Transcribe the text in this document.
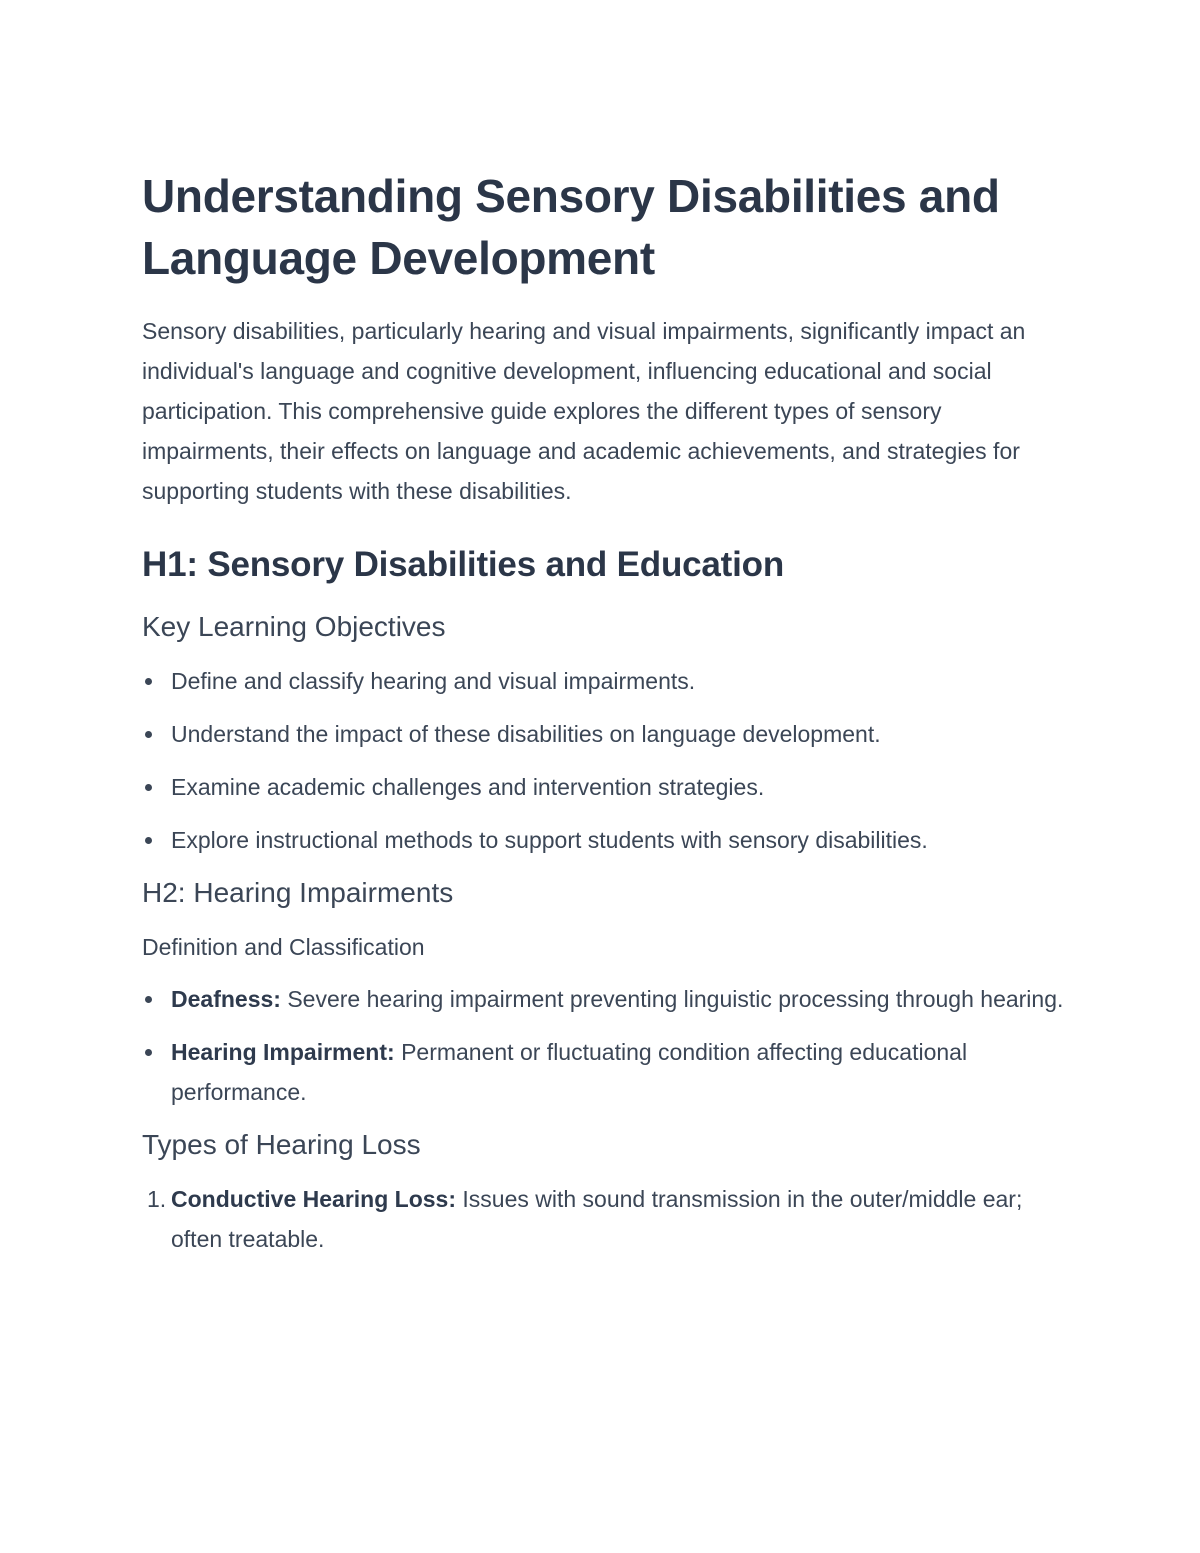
Understanding Sensory Disabilities and Language Development

Sensory disabilities, particularly hearing and visual impairments, significantly impact an individual's language and cognitive development, influencing educational and social participation. This comprehensive guide explores the different types of sensory impairments, their effects on language and academic achievements, and strategies for supporting students with these disabilities.

H1: Sensory Disabilities and Education
Key Learning Objectives
Define and classify hearing and visual impairments.
Understand the impact of these disabilities on language development.
Examine academic challenges and intervention strategies.
Explore instructional methods to support students with sensory disabilities.
H2: Hearing Impairments
Definition and Classification
Deafness: Severe hearing impairment preventing linguistic processing through hearing.
Hearing Impairment: Permanent or fluctuating condition affecting educational performance.
Types of Hearing Loss
1. Conductive Hearing Loss: Issues with sound transmission in the outer/middle ear; often treatable.
